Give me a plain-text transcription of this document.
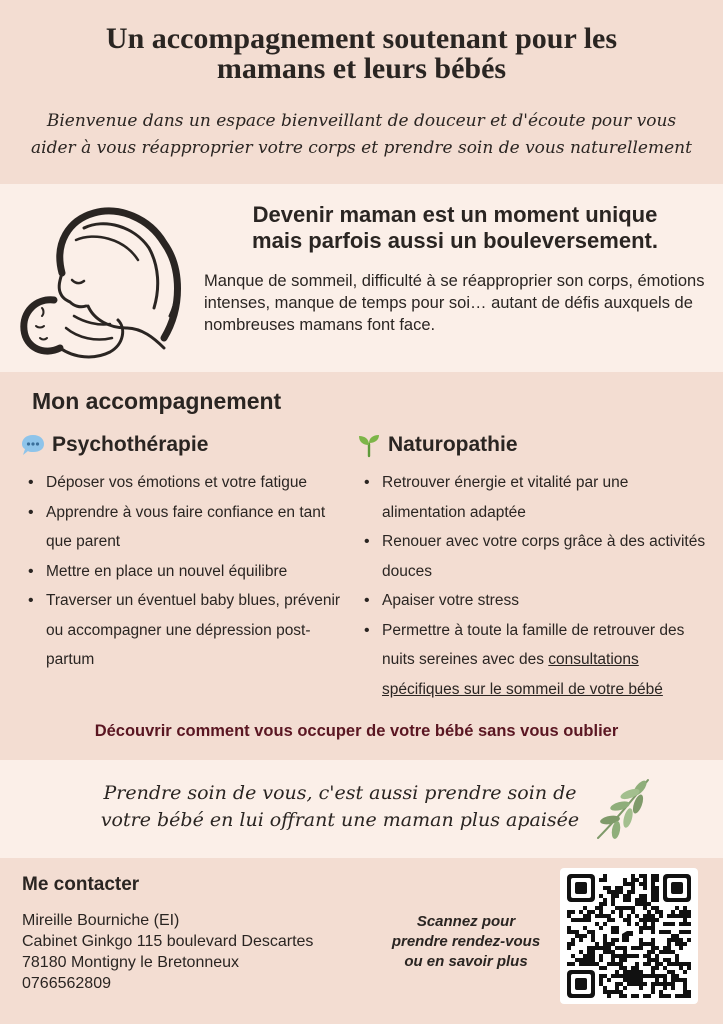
Un accompagnement soutenant pour les
mamans et leurs bébés

Bienvenue dans un espace bienveillant de douceur et d'écoute pour vous
aider à vous réapproprier votre corps et prendre soin de vous naturellement

Devenir maman est un moment unique
mais parfois aussi un bouleversement.

Manque de sommeil, difficulté à se réapproprier son corps, émotions intenses, manque de temps pour soi… autant de défis auxquels de nombreuses mamans font face.

Mon accompagnement
Psychothérapie
• Déposer vos émotions et votre fatigue
• Apprendre à vous faire confiance en tant que parent
• Mettre en place un nouvel équilibre
• Traverser un éventuel baby blues, prévenir ou accompagner une dépression post-partum
Naturopathie
• Retrouver énergie et vitalité par une alimentation adaptée
• Renouer avec votre corps grâce à des activités douces
• Apaiser votre stress
• Permettre à toute la famille de retrouver des nuits sereines avec des consultations spécifiques sur le sommeil de votre bébé

Découvrir comment vous occuper de votre bébé sans vous oublier

Prendre soin de vous, c'est aussi prendre soin de
votre bébé en lui offrant une maman plus apaisée

Me contacter
Mireille Bourniche (EI)
Cabinet Ginkgo 115 boulevard Descartes
78180 Montigny le Bretonneux
0766562809

Scannez pour
prendre rendez-vous
ou en savoir plus
